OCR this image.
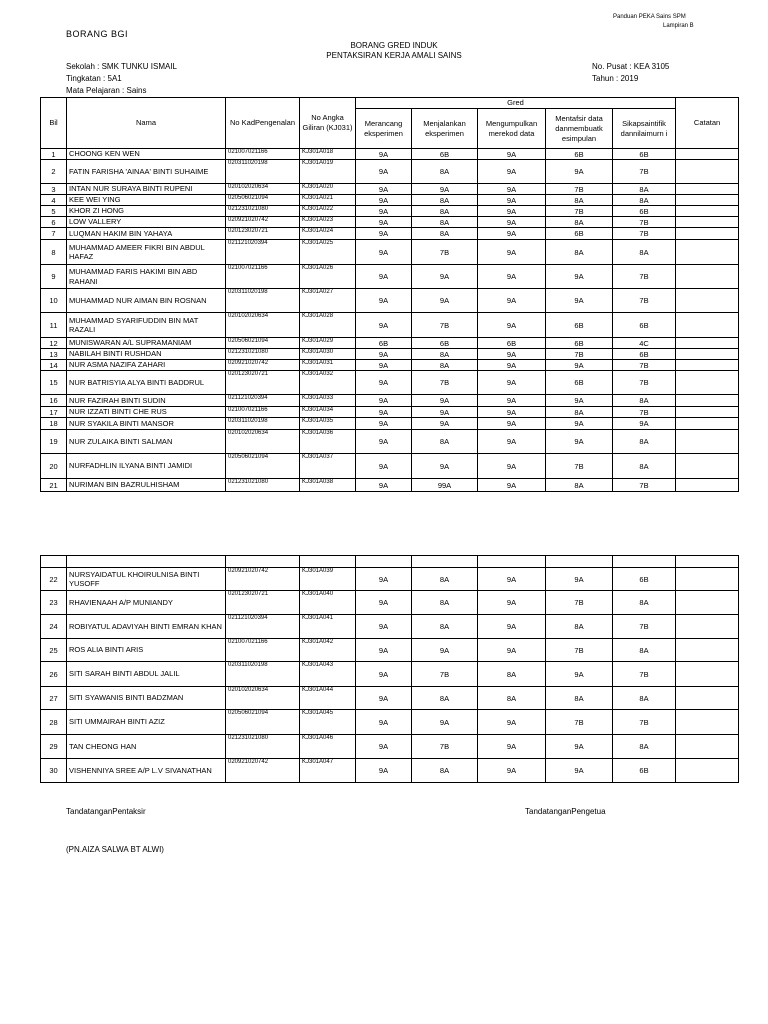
Panduan PEKA Sains SPM
Lampiran B
BORANG BGI
BORANG GRED INDUK
PENTAKSIRAN KERJA AMALI SAINS
Sekolah : SMK TUNKU ISMAIL
Tingkatan : 5A1
Mata Pelajaran : Sains
No. Pusat : KEA 3105
Tahun : 2019
Bil	Nama	No KadPengenalan	No Angka Giliran (KJ031)	Gred					Catatan
				Merancang eksperimen	Menjalankan eksperimen	Mengumpulkan merekod data	Mentafsir data danmembuatk esimpulan	Sikapsaintifik dannilaimurn i	
1	CHOONG KEN WEN	021007021166	KJ301A018	9A	6B	9A	6B	6B	
2	FATIN FARISHA 'AINAA' BINTI SUHAIME	020311020198	KJ301A019	9A	8A	9A	9A	7B	
3	INTAN NUR SURAYA BINTI RUPENI	020102020634	KJ301A020	9A	9A	9A	7B	8A	
4	KEE WEI YING	020506021094	KJ301A021	9A	8A	9A	8A	8A	
5	KHOR ZI HONG	021231021080	KJ301A022	9A	8A	9A	7B	6B	
6	LOW VALLERY	020921020742	KJ301A023	9A	8A	9A	8A	7B	
7	LUQMAN HAKIM BIN YAHAYA	020123020721	KJ301A024	9A	8A	9A	6B	7B	
8	MUHAMMAD AMEER FIKRI BIN ABDUL HAFAZ	021121020394	KJ301A025	9A	7B	9A	8A	8A	
9	MUHAMMAD FARIS HAKIMI BIN ABD RAHANI	021007021166	KJ301A026	9A	9A	9A	9A	7B	
10	MUHAMMAD NUR AIMAN BIN ROSNAN	020311020198	KJ301A027	9A	9A	9A	9A	7B	
11	MUHAMMAD SYARIFUDDIN BIN MAT RAZALI	020102020634	KJ301A028	9A	7B	9A	6B	6B	
12	MUNISWARAN A/L SUPRAMANIAM	020506021094	KJ301A029	6B	6B	6B	6B	4C	
13	NABILAH BINTI RUSHDAN	021231021080	KJ301A030	9A	8A	9A	7B	6B	
14	NUR ASMA NAZIFA ZAHARI	020921020742	KJ301A031	9A	8A	9A	9A	7B	
15	NUR BATRISYIA ALYA BINTI BADDRUL	020123020721	KJ301A032	9A	7B	9A	6B	7B	
16	NUR FAZIRAH BINTI SUDIN	021121020394	KJ301A033	9A	9A	9A	9A	8A	
17	NUR IZZATI BINTI CHE RUS	021007021166	KJ301A034	9A	9A	9A	8A	7B	
18	NUR SYAKILA BINTI MANSOR	020311020198	KJ301A035	9A	9A	9A	9A	9A	
19	NUR ZULAIKA BINTI SALMAN	020102020634	KJ301A036	9A	8A	9A	9A	8A	
20	NURFADHLIN ILYANA BINTI JAMIDI	020506021094	KJ301A037	9A	9A	9A	7B	8A	
21	NURIMAN BIN BAZRULHISHAM	021231021080	KJ301A038	9A	99A	9A	8A	7B	

22	NURSYAIDATUL KHOIRULNISA BINTI YUSOFF	020921020742	KJ301A039	9A	8A	9A	9A	6B	
23	RHAVIENAAH A/P MUNIANDY	020123020721	KJ301A040	9A	8A	9A	7B	8A	
24	ROBIYATUL ADAVIYAH BINTI EMRAN KHAN	021121020394	KJ301A041	9A	8A	9A	8A	7B	
25	ROS ALIA BINTI ARIS	021007021166	KJ301A042	9A	9A	9A	7B	8A	
26	SITI SARAH BINTI ABDUL JALIL	020311020198	KJ301A043	9A	7B	8A	9A	7B	
27	SITI SYAWANIS BINTI BADZMAN	020102020634	KJ301A044	9A	8A	8A	8A	8A	
28	SITI UMMAIRAH BINTI AZIZ	020506021094	KJ301A045	9A	9A	9A	7B	7B	
29	TAN CHEONG HAN	021231021080	KJ301A046	9A	7B	9A	9A	8A	
30	VISHENNIYA SREE A/P L.V SIVANATHAN	020921020742	KJ301A047	9A	8A	9A	9A	6B	
TandatanganPentaksir	TandatanganPengetua
(PN.AIZA SALWA BT ALWI)
